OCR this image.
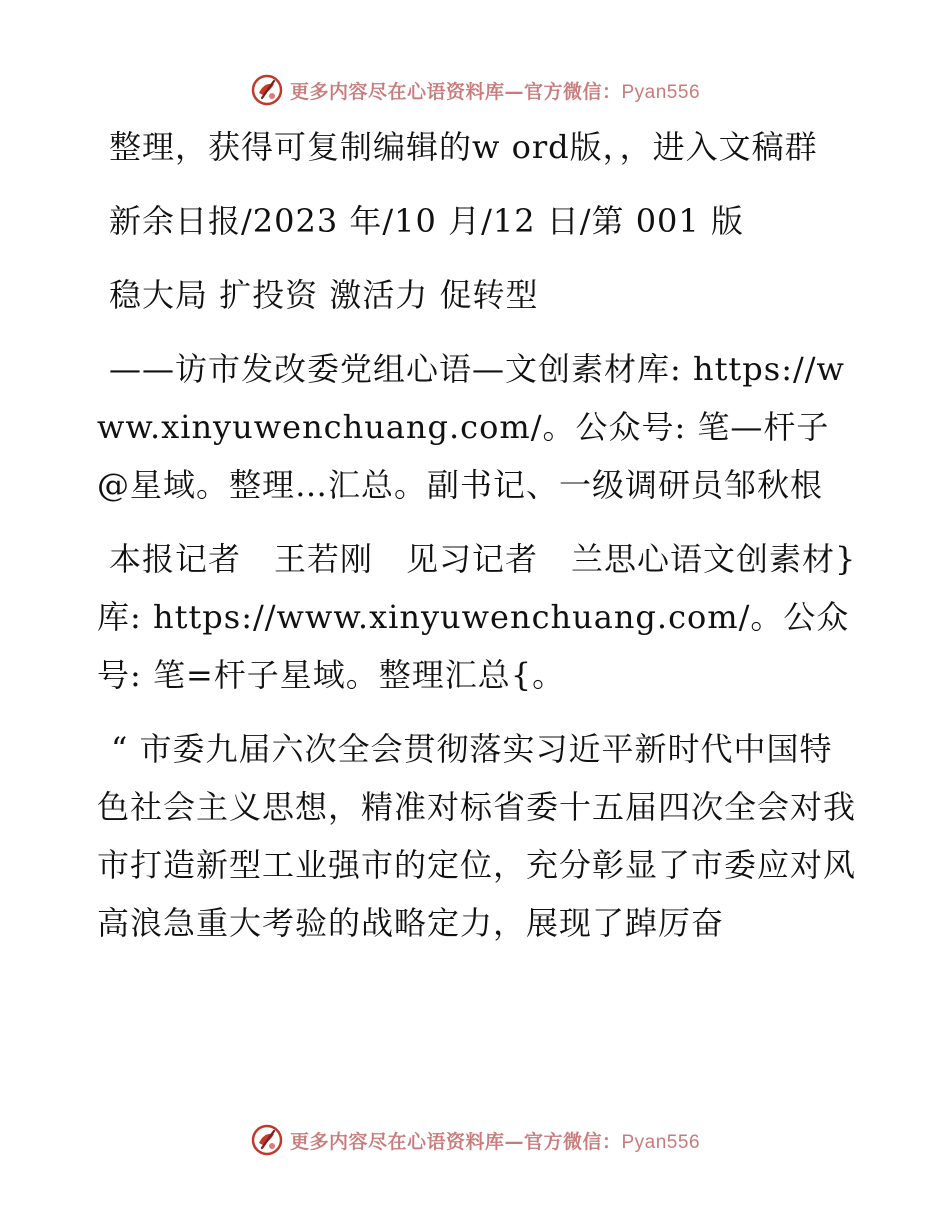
更多内容尽在心语资料库—官方微信：Pyan556

整理，获得可复制编辑的w ord版，，进入文稿群

新余日报/2023 年/10 月/12 日/第 001 版

稳大局 扩投资 激活力 促转型

——访市发改委党组心语—文创素材库: https://www.xinyuwenchuang.com/。公众号: 笔—杆子@星域。整理…汇总。副书记、一级调研员邹秋根

本报记者　王若刚　见习记者　兰思心语文创素材}库: https://www.xinyuwenchuang.com/。公众号: 笔=杆子星域。整理汇总{。

“ 市委九届六次全会贯彻落实习近平新时代中国特色社会主义思想，精准对标省委十五届四次全会对我市打造新型工业强市的定位，充分彰显了市委应对风高浪急重大考验的战略定力，展现了踔厉奋

更多内容尽在心语资料库—官方微信：Pyan556
